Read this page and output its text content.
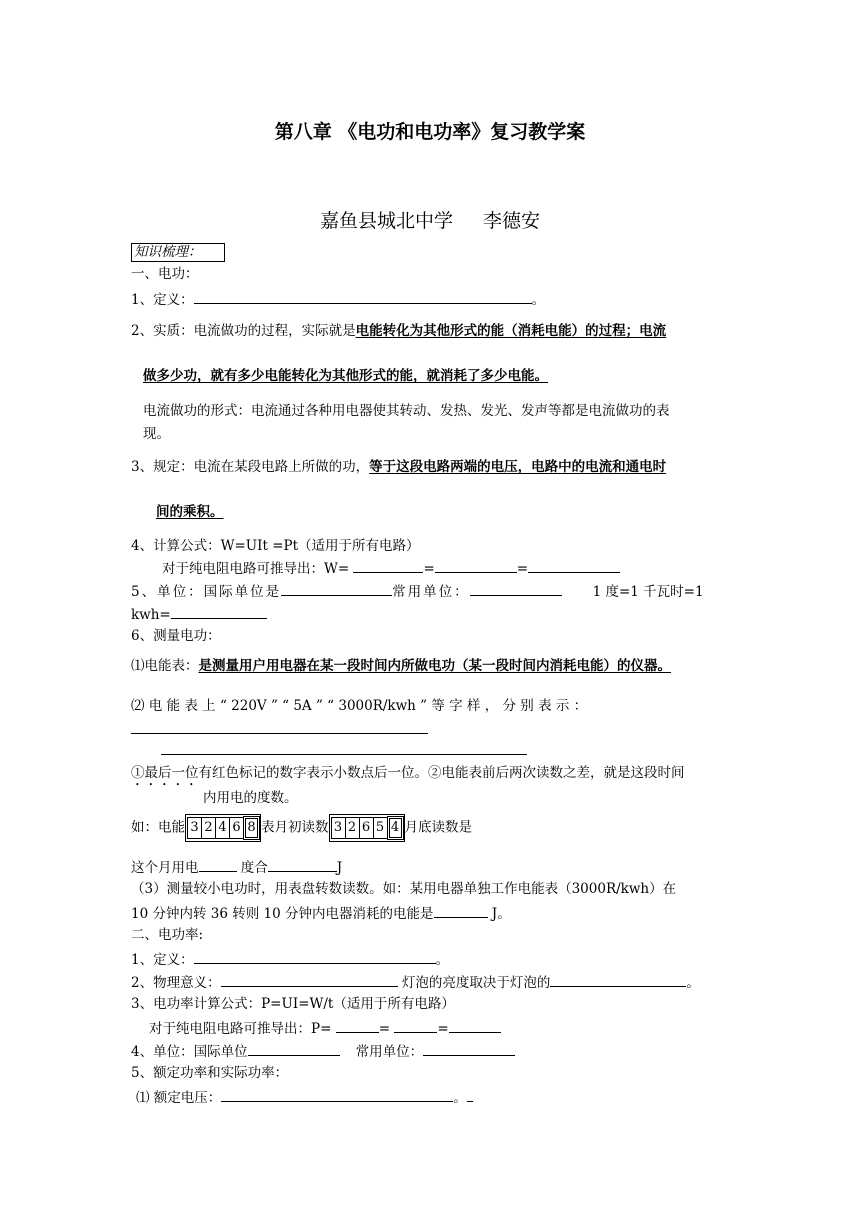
第八章 《电功和电功率》复习教学案
嘉鱼县城北中学 李德安
知识梳理：
一、电功：
1、定义：	。
2、实质：电流做功的过程，实际就是电能转化为其他形式的能（消耗电能）的过程；电流
做多少功，就有多少电能转化为其他形式的能，就消耗了多少电能。
电流做功的形式：电流通过各种用电器使其转动、发热、发光、发声等都是电流做功的表
现。
3、规定：电流在某段电路上所做的功，等于这段电路两端的电压，电路中的电流和通电时
间的乘积。
4、计算公式：W=UIt =Pt（适用于所有电路）
对于纯电阻电路可推导出：W=	=	=
5、单位：国际单位是	常用单位：	1 度=1 千瓦时=1
kwh=
6、测量电功：
⑴电能表：是测量用户用电器在某一段时间内所做电功（某一段时间内消耗电能）的仪器。
⑵ 电 能 表 上 “ 220V ” “ 5A ” “ 3000R/kwh ” 等 字 样 ， 分 别 表 示 ：
①最后一位有红色标记的数字表示小数点后一位。②电能表前后两次读数之差，就是这段时间
内用电的度数。
如：电能 3 2 4 6 8 表月初读数 3 2 6 5 4 月底读数是
这个月用电	度合	J
（3）测量较小电功时，用表盘转数读数。如：某用电器单独工作电能表（3000R/kwh）在
10 分钟内转 36 转则 10 分钟内电器消耗的电能是	J。
二、电功率:
1、定义：	。
2、物理意义：	灯泡的亮度取决于灯泡的	。
3、电功率计算公式：P=UI=W/t（适用于所有电路）
对于纯电阻电路可推导出：P=	=	=
4、单位：国际单位	常用单位：
5、额定功率和实际功率：
⑴ 额定电压：	。
